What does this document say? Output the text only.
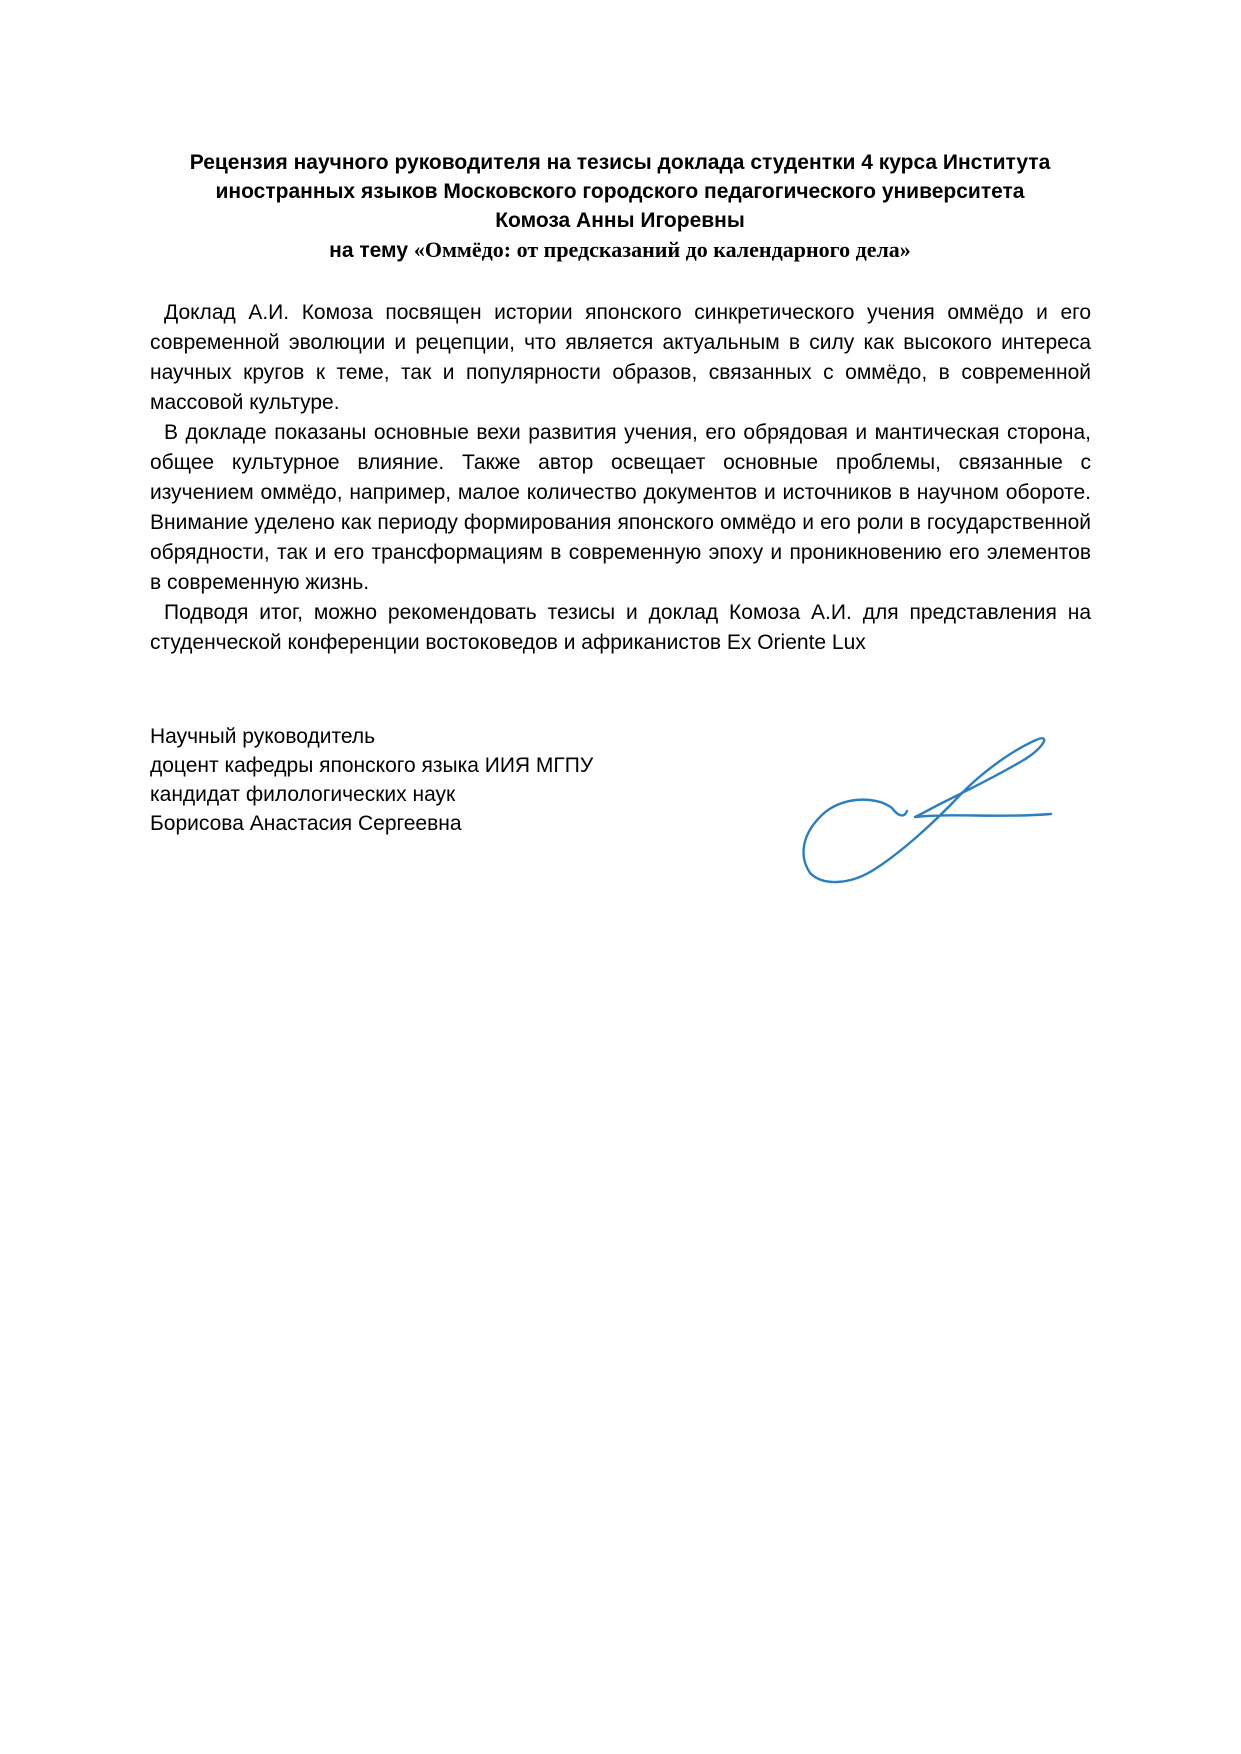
Рецензия научного руководителя на тезисы доклада студентки 4 курса Института
иностранных языков Московского городского педагогического университета
Комоза Анны Игоревны
на тему «Оммёдо: от предсказаний до календарного дела»

Доклад А.И. Комоза посвящен истории японского синкретического учения оммёдо и его современной эволюции и рецепции, что является актуальным в силу как высокого интереса научных кругов к теме, так и популярности образов, связанных с оммёдо, в современной массовой культуре.

В докладе показаны основные вехи развития учения, его обрядовая и мантическая сторона, общее культурное влияние. Также автор освещает основные проблемы, связанные с изучением оммёдо, например, малое количество документов и источников в научном обороте. Внимание уделено как периоду формирования японского оммёдо и его роли в государственной обрядности, так и его трансформациям в современную эпоху и проникновению его элементов в современную жизнь.

Подводя итог, можно рекомендовать тезисы и доклад Комоза А.И. для представления на студенческой конференции востоковедов и африканистов Ex Oriente Lux

Научный руководитель
доцент кафедры японского языка ИИЯ МГПУ
кандидат филологических наук
Борисова Анастасия Сергеевна
